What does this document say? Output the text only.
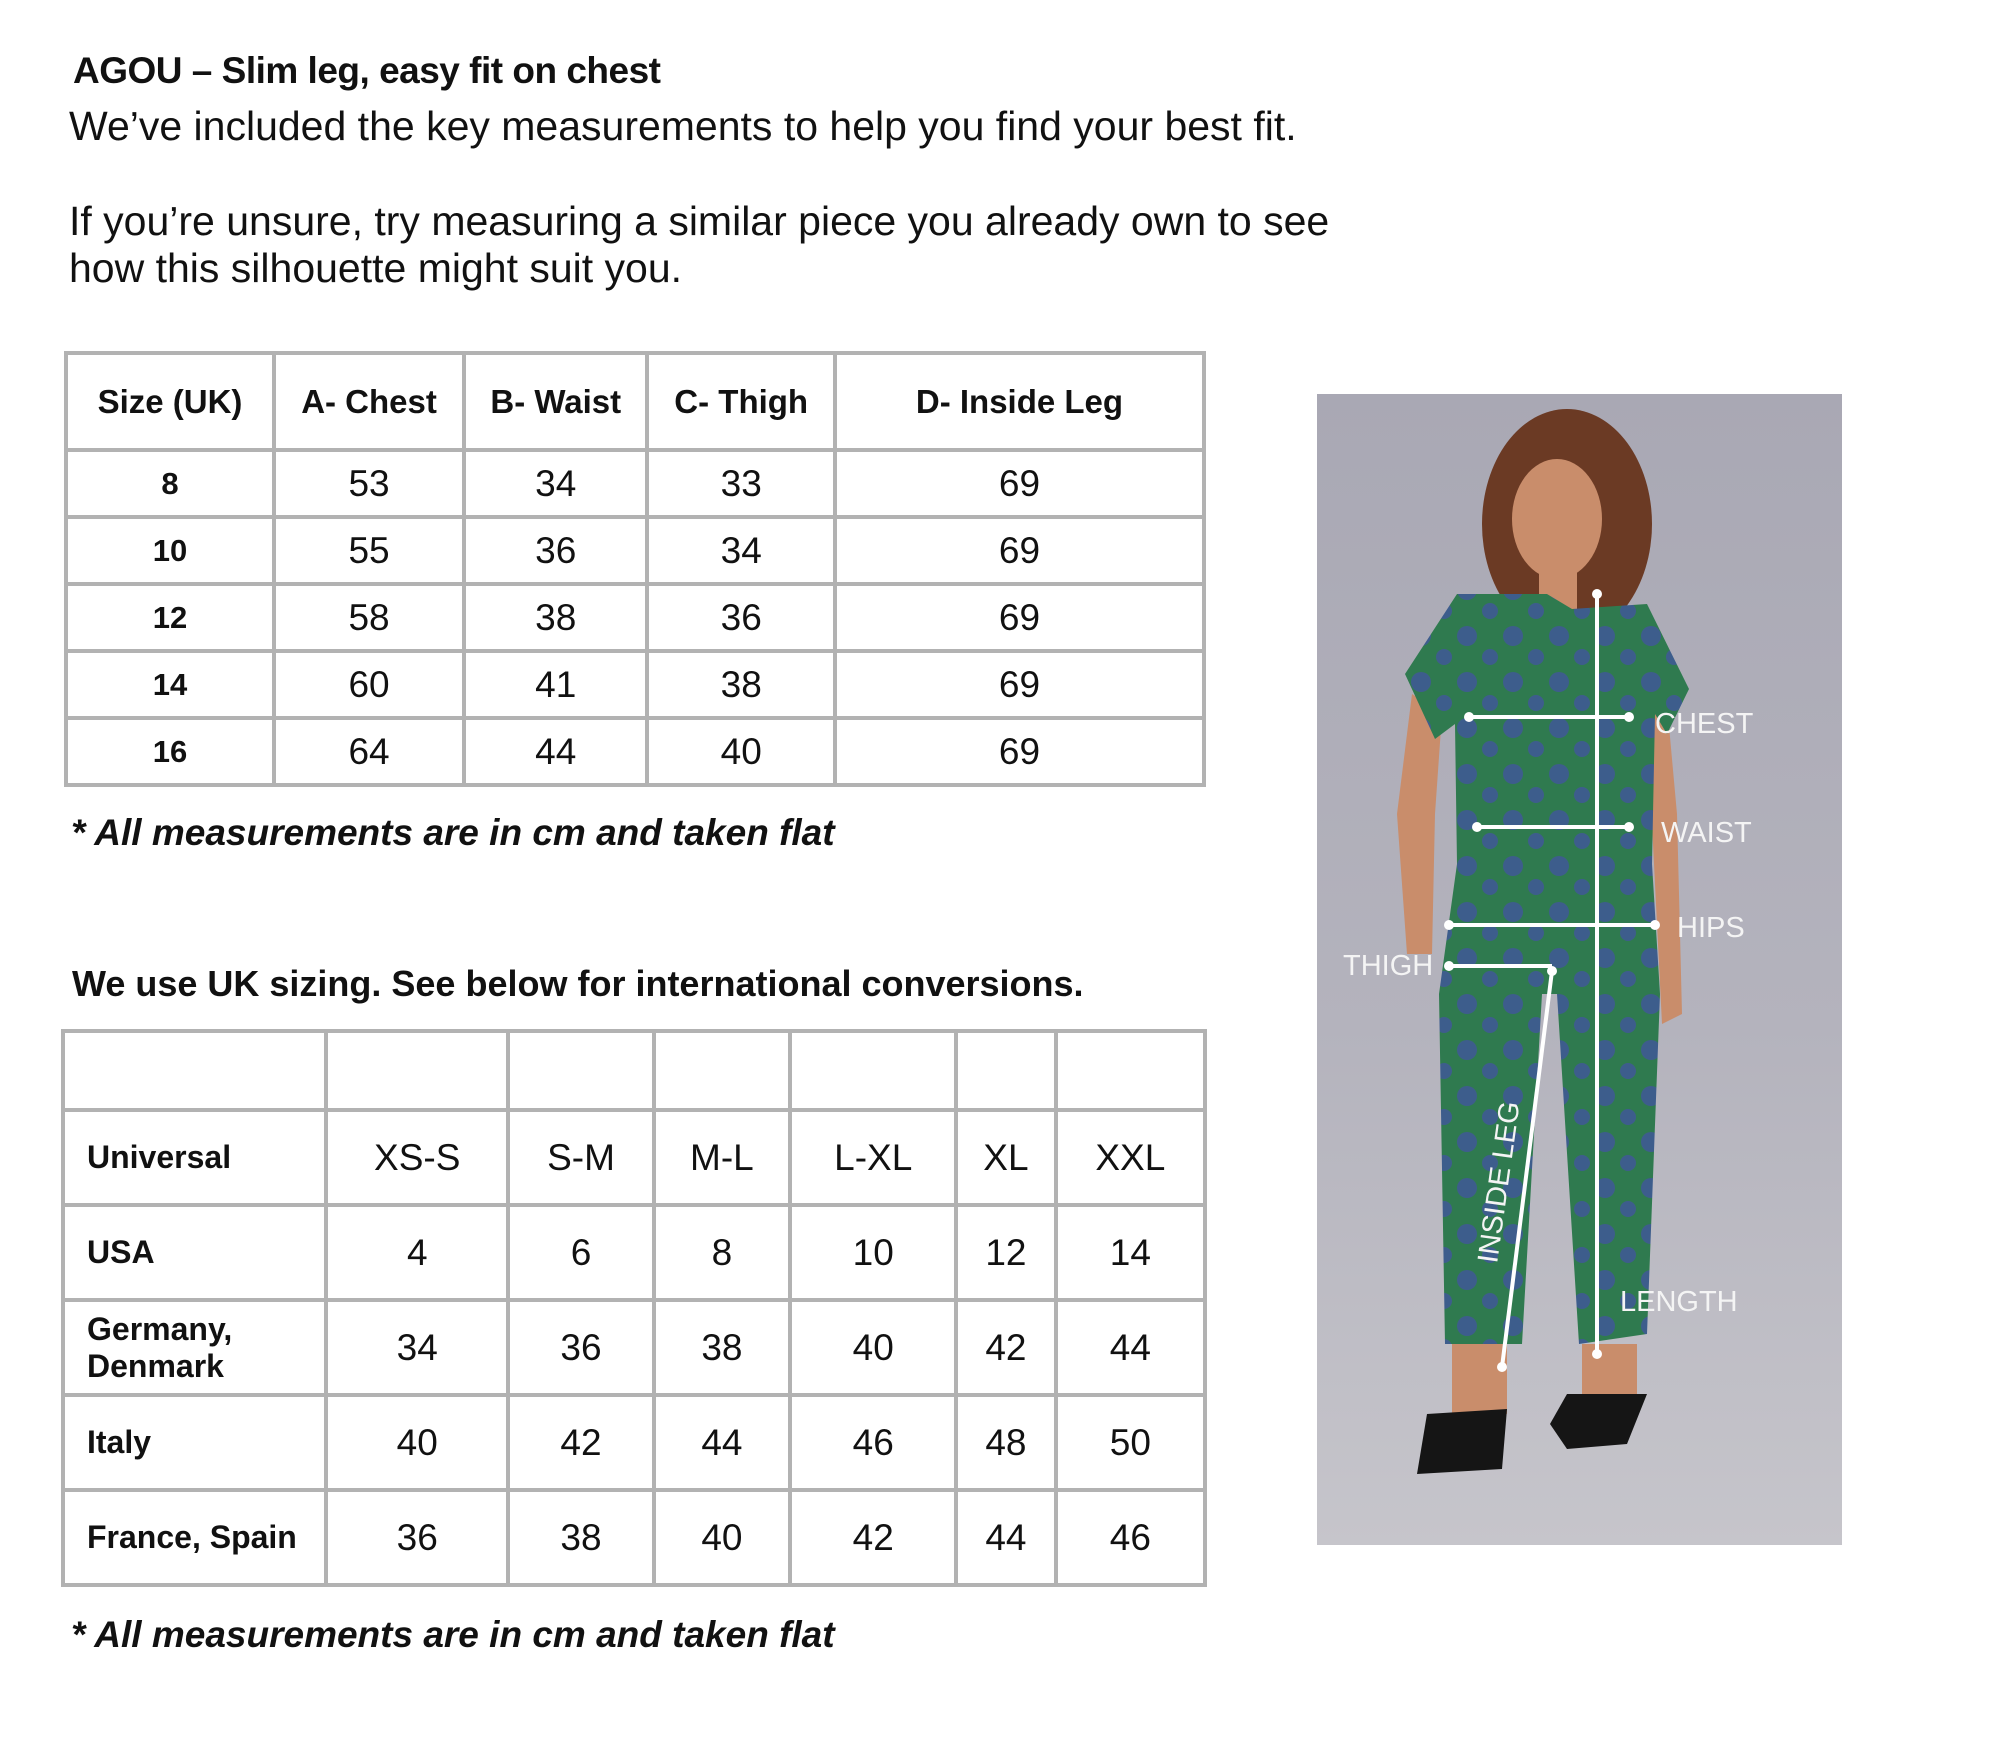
AGOU – Slim leg, easy fit on chest
We’ve included the key measurements to help you find your best fit.
If you’re unsure, try measuring a similar piece you already own to see how this silhouette might suit you.
Size (UK)	A- Chest	B- Waist	C- Thigh	D- Inside Leg
8	53	34	33	69
10	55	36	34	69
12	58	38	36	69
14	60	41	38	69
16	64	44	40	69
* All measurements are in cm and taken flat
We use UK sizing. See below for international conversions.

Universal	XS-S	S-M	M-L	L-XL	XL	XXL
USA	4	6	8	10	12	14
Germany, Denmark	34	36	38	40	42	44
Italy	40	42	44	46	48	50
France, Spain	36	38	40	42	44	46
* All measurements are in cm and taken flat
CHEST
WAIST
HIPS
THIGH
LENGTH
INSIDE LEG
